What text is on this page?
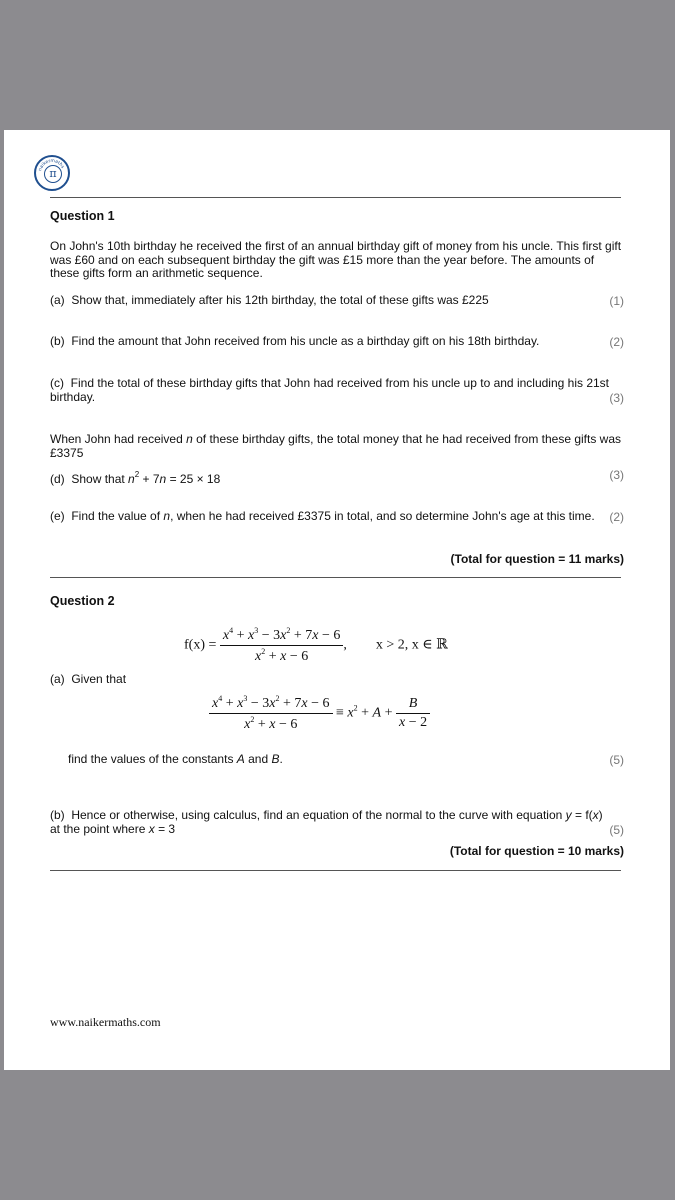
naikermaths
π
Question 1
On John's 10th birthday he received the first of an annual birthday gift of money from his uncle. This first gift was £60 and on each subsequent birthday the gift was £15 more than the year before. The amounts of these gifts form an arithmetic sequence.
(a) Show that, immediately after his 12th birthday, the total of these gifts was £225	(1)
(b) Find the amount that John received from his uncle as a birthday gift on his 18th birthday.	(2)
(c) Find the total of these birthday gifts that John had received from his uncle up to and including his 21st birthday.	(3)
When John had received n of these birthday gifts, the total money that he had received from these gifts was £3375
(d) Show that $n^2 + 7n = 25 \times 18$	(3)
(e) Find the value of n, when he had received £3375 in total, and so determine John's age at this time.	(2)
(Total for question = 11 marks)
Question 2
$f(x) = \frac{x^4 + x^3 - 3x^2 + 7x - 6}{x^2 + x - 6}$ ,  x > 2, x ∈ ℝ
(a) Given that
$\frac{x^4 + x^3 - 3x^2 + 7x - 6}{x^2 + x - 6} \equiv x^2 + A + \frac{B}{x - 2}$
find the values of the constants A and B.	(5)
(b) Hence or otherwise, using calculus, find an equation of the normal to the curve with equation y = f(x)
at the point where x = 3	(5)
(Total for question = 10 marks)
www.naikermaths.com
